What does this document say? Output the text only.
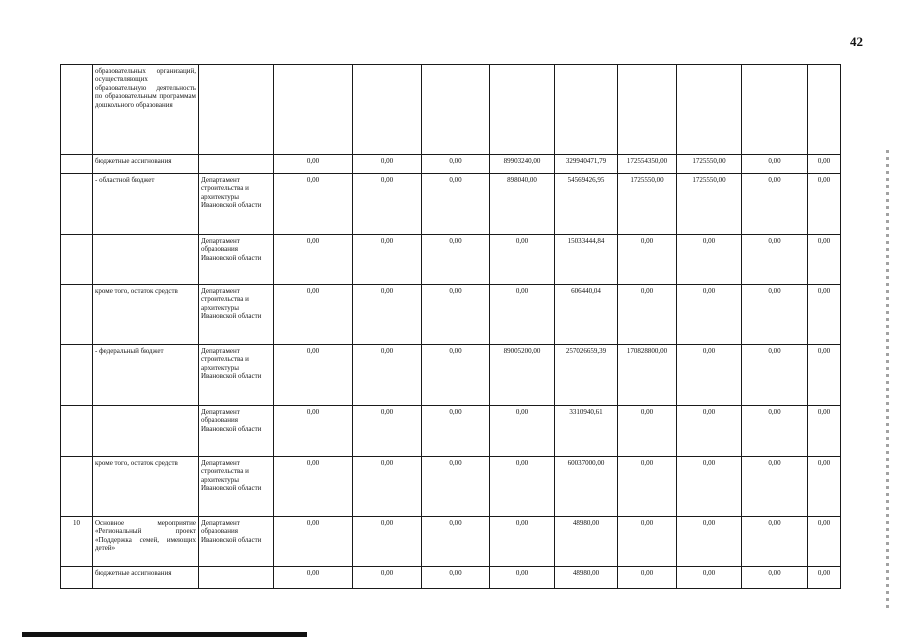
42
	образовательных организаций, осуществляющих образовательную деятельность по образовательным программам дошкольного образования										
	бюджетные ассигнования		0,00	0,00	0,00	89903240,00	329940471,79	172554350,00	1725550,00	0,00	0,00
	- областной бюджет	Департамент строительства и архитектуры Ивановской области	0,00	0,00	0,00	898040,00	54569426,95	1725550,00	1725550,00	0,00	0,00
		Департамент образования Ивановской области	0,00	0,00	0,00	0,00	15033444,84	0,00	0,00	0,00	0,00
	кроме того, остаток средств	Департамент строительства и архитектуры Ивановской области	0,00	0,00	0,00	0,00	606440,04	0,00	0,00	0,00	0,00
	- федеральный бюджет	Департамент строительства и архитектуры Ивановской области	0,00	0,00	0,00	89005200,00	257026659,39	170828800,00	0,00	0,00	0,00
		Департамент образования Ивановской области	0,00	0,00	0,00	0,00	3310940,61	0,00	0,00	0,00	0,00
	кроме того, остаток средств	Департамент строительства и архитектуры Ивановской области	0,00	0,00	0,00	0,00	60037000,00	0,00	0,00	0,00	0,00
10	Основное мероприятие «Региональный проект «Поддержка семей, имеющих детей»	Департамент образования Ивановской области	0,00	0,00	0,00	0,00	48980,00	0,00	0,00	0,00	0,00
	бюджетные ассигнования		0,00	0,00	0,00	0,00	48980,00	0,00	0,00	0,00	0,00
